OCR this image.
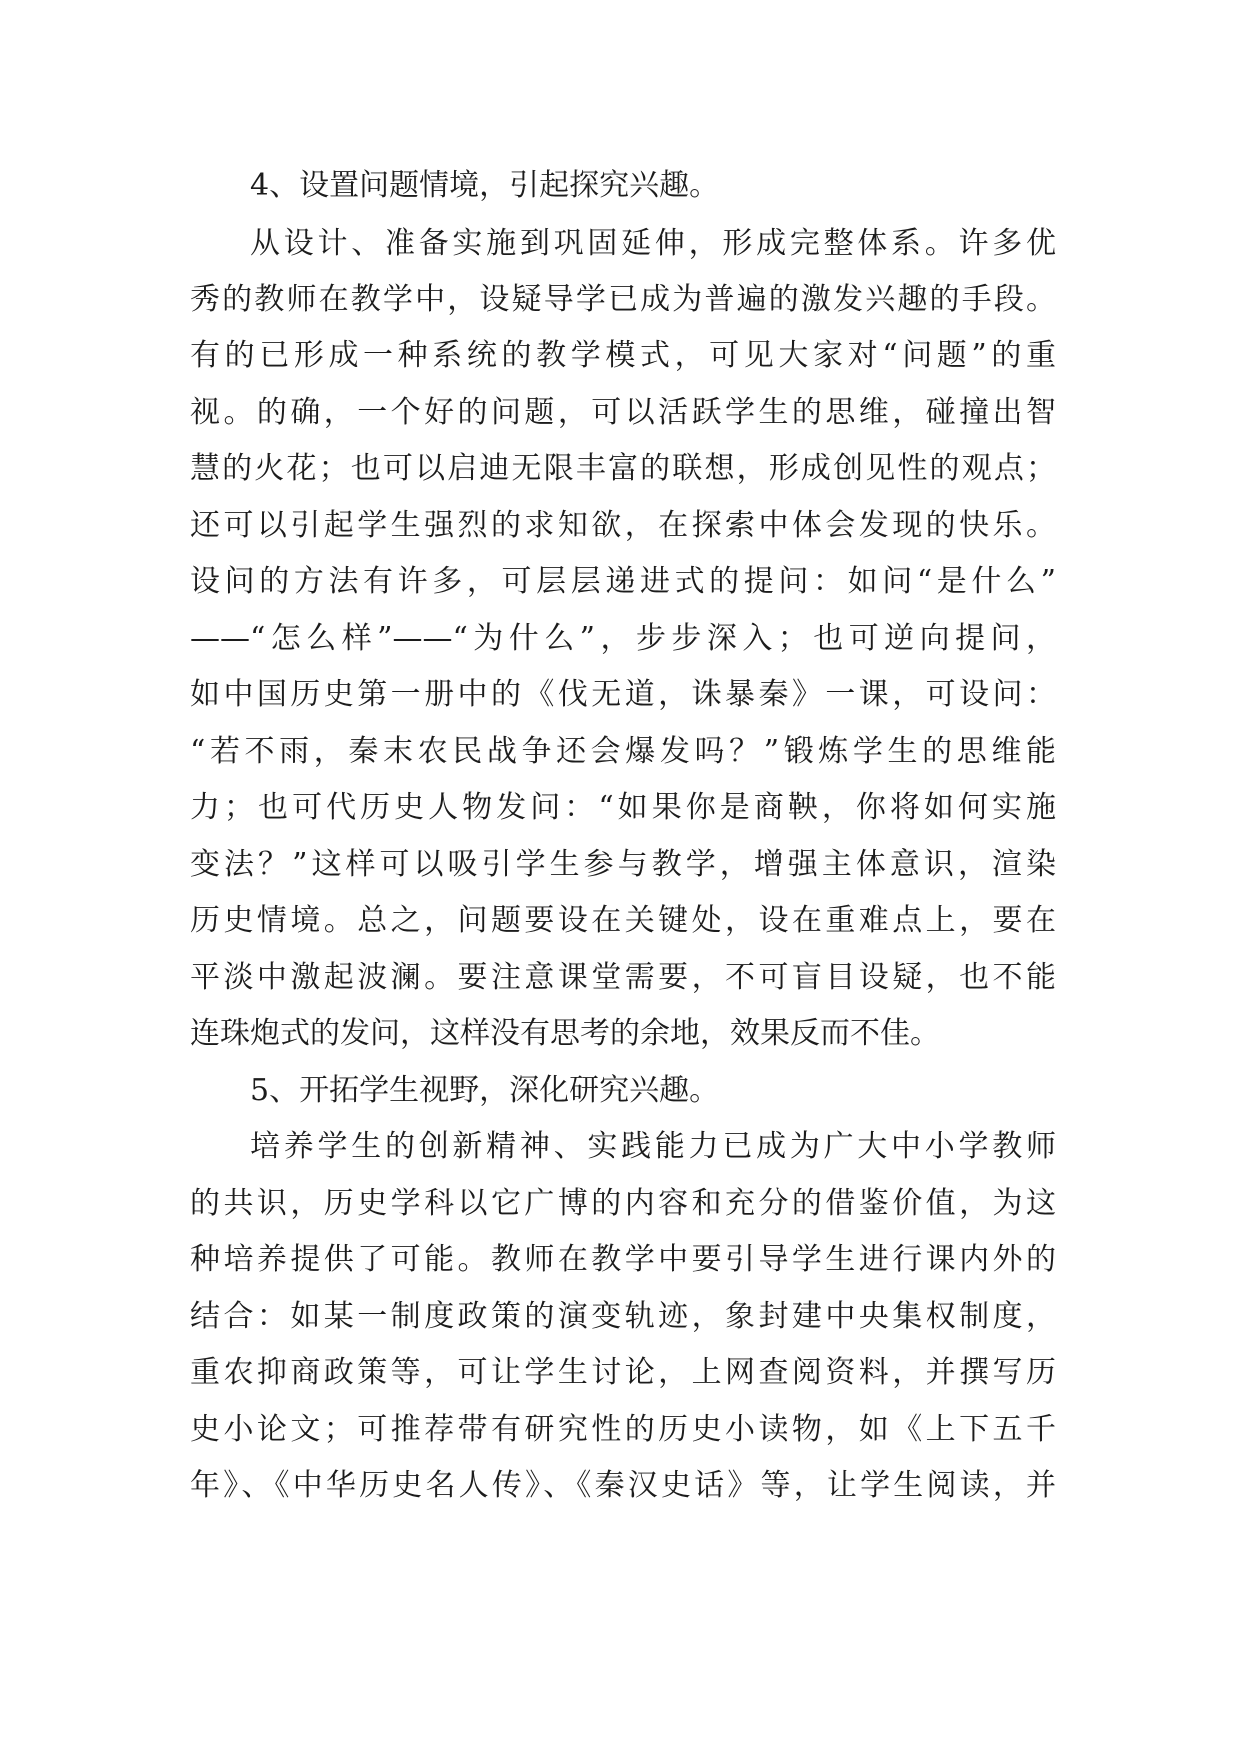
4、设置问题情境，引起探究兴趣。
从设计、准备实施到巩固延伸，形成完整体系。许多优
秀的教师在教学中，设疑导学已成为普遍的激发兴趣的手段。
有的已形成一种系统的教学模式，可见大家对“问题”的重
视。的确，一个好的问题，可以活跃学生的思维，碰撞出智
慧的火花；也可以启迪无限丰富的联想，形成创见性的观点；
还可以引起学生强烈的求知欲，在探索中体会发现的快乐。
设问的方法有许多，可层层递进式的提问：如问“是什么”
——“怎么样”——“为什么”，步步深入；也可逆向提问，
如中国历史第一册中的《伐无道，诛暴秦》一课，可设问：
“若不雨，秦末农民战争还会爆发吗？”锻炼学生的思维能
力；也可代历史人物发问：“如果你是商鞅，你将如何实施
变法？”这样可以吸引学生参与教学，增强主体意识，渲染
历史情境。总之，问题要设在关键处，设在重难点上，要在
平淡中激起波澜。要注意课堂需要，不可盲目设疑，也不能
连珠炮式的发问，这样没有思考的余地，效果反而不佳。
5、开拓学生视野，深化研究兴趣。
培养学生的创新精神、实践能力已成为广大中小学教师
的共识，历史学科以它广博的内容和充分的借鉴价值，为这
种培养提供了可能。教师在教学中要引导学生进行课内外的
结合：如某一制度政策的演变轨迹，象封建中央集权制度，
重农抑商政策等，可让学生讨论，上网查阅资料，并撰写历
史小论文；可推荐带有研究性的历史小读物，如《上下五千
年》、《中华历史名人传》、《秦汉史话》等，让学生阅读，并
